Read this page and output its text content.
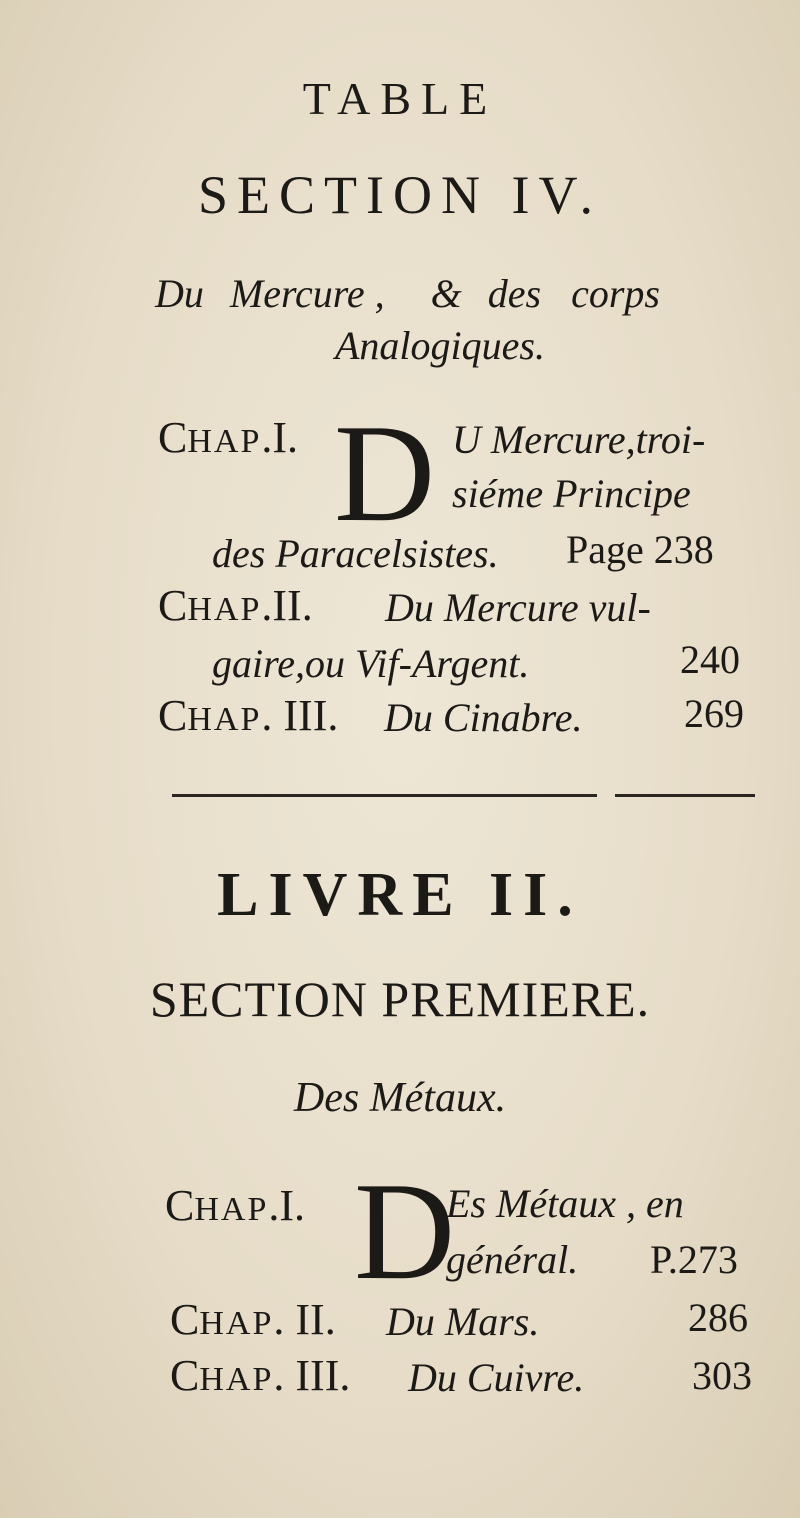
TABLE
SECTION IV.
Du Mercure , & des corps
Analogiques.
CHAP.I. D U Mercure,troi-
siéme Principe
des Paracelsistes. Page 238
CHAP.II. Du Mercure vul-
gaire,ou Vif-Argent.	240
CHAP. III. Du Cinabre.	269
LIVRE II.
SECTION PREMIERE.
Des Métaux.
CHAP.I. D
Es Métaux , en
général. P.273
CHAP. II. Du Mars.	286
CHAP. III. Du Cuivre.	303
